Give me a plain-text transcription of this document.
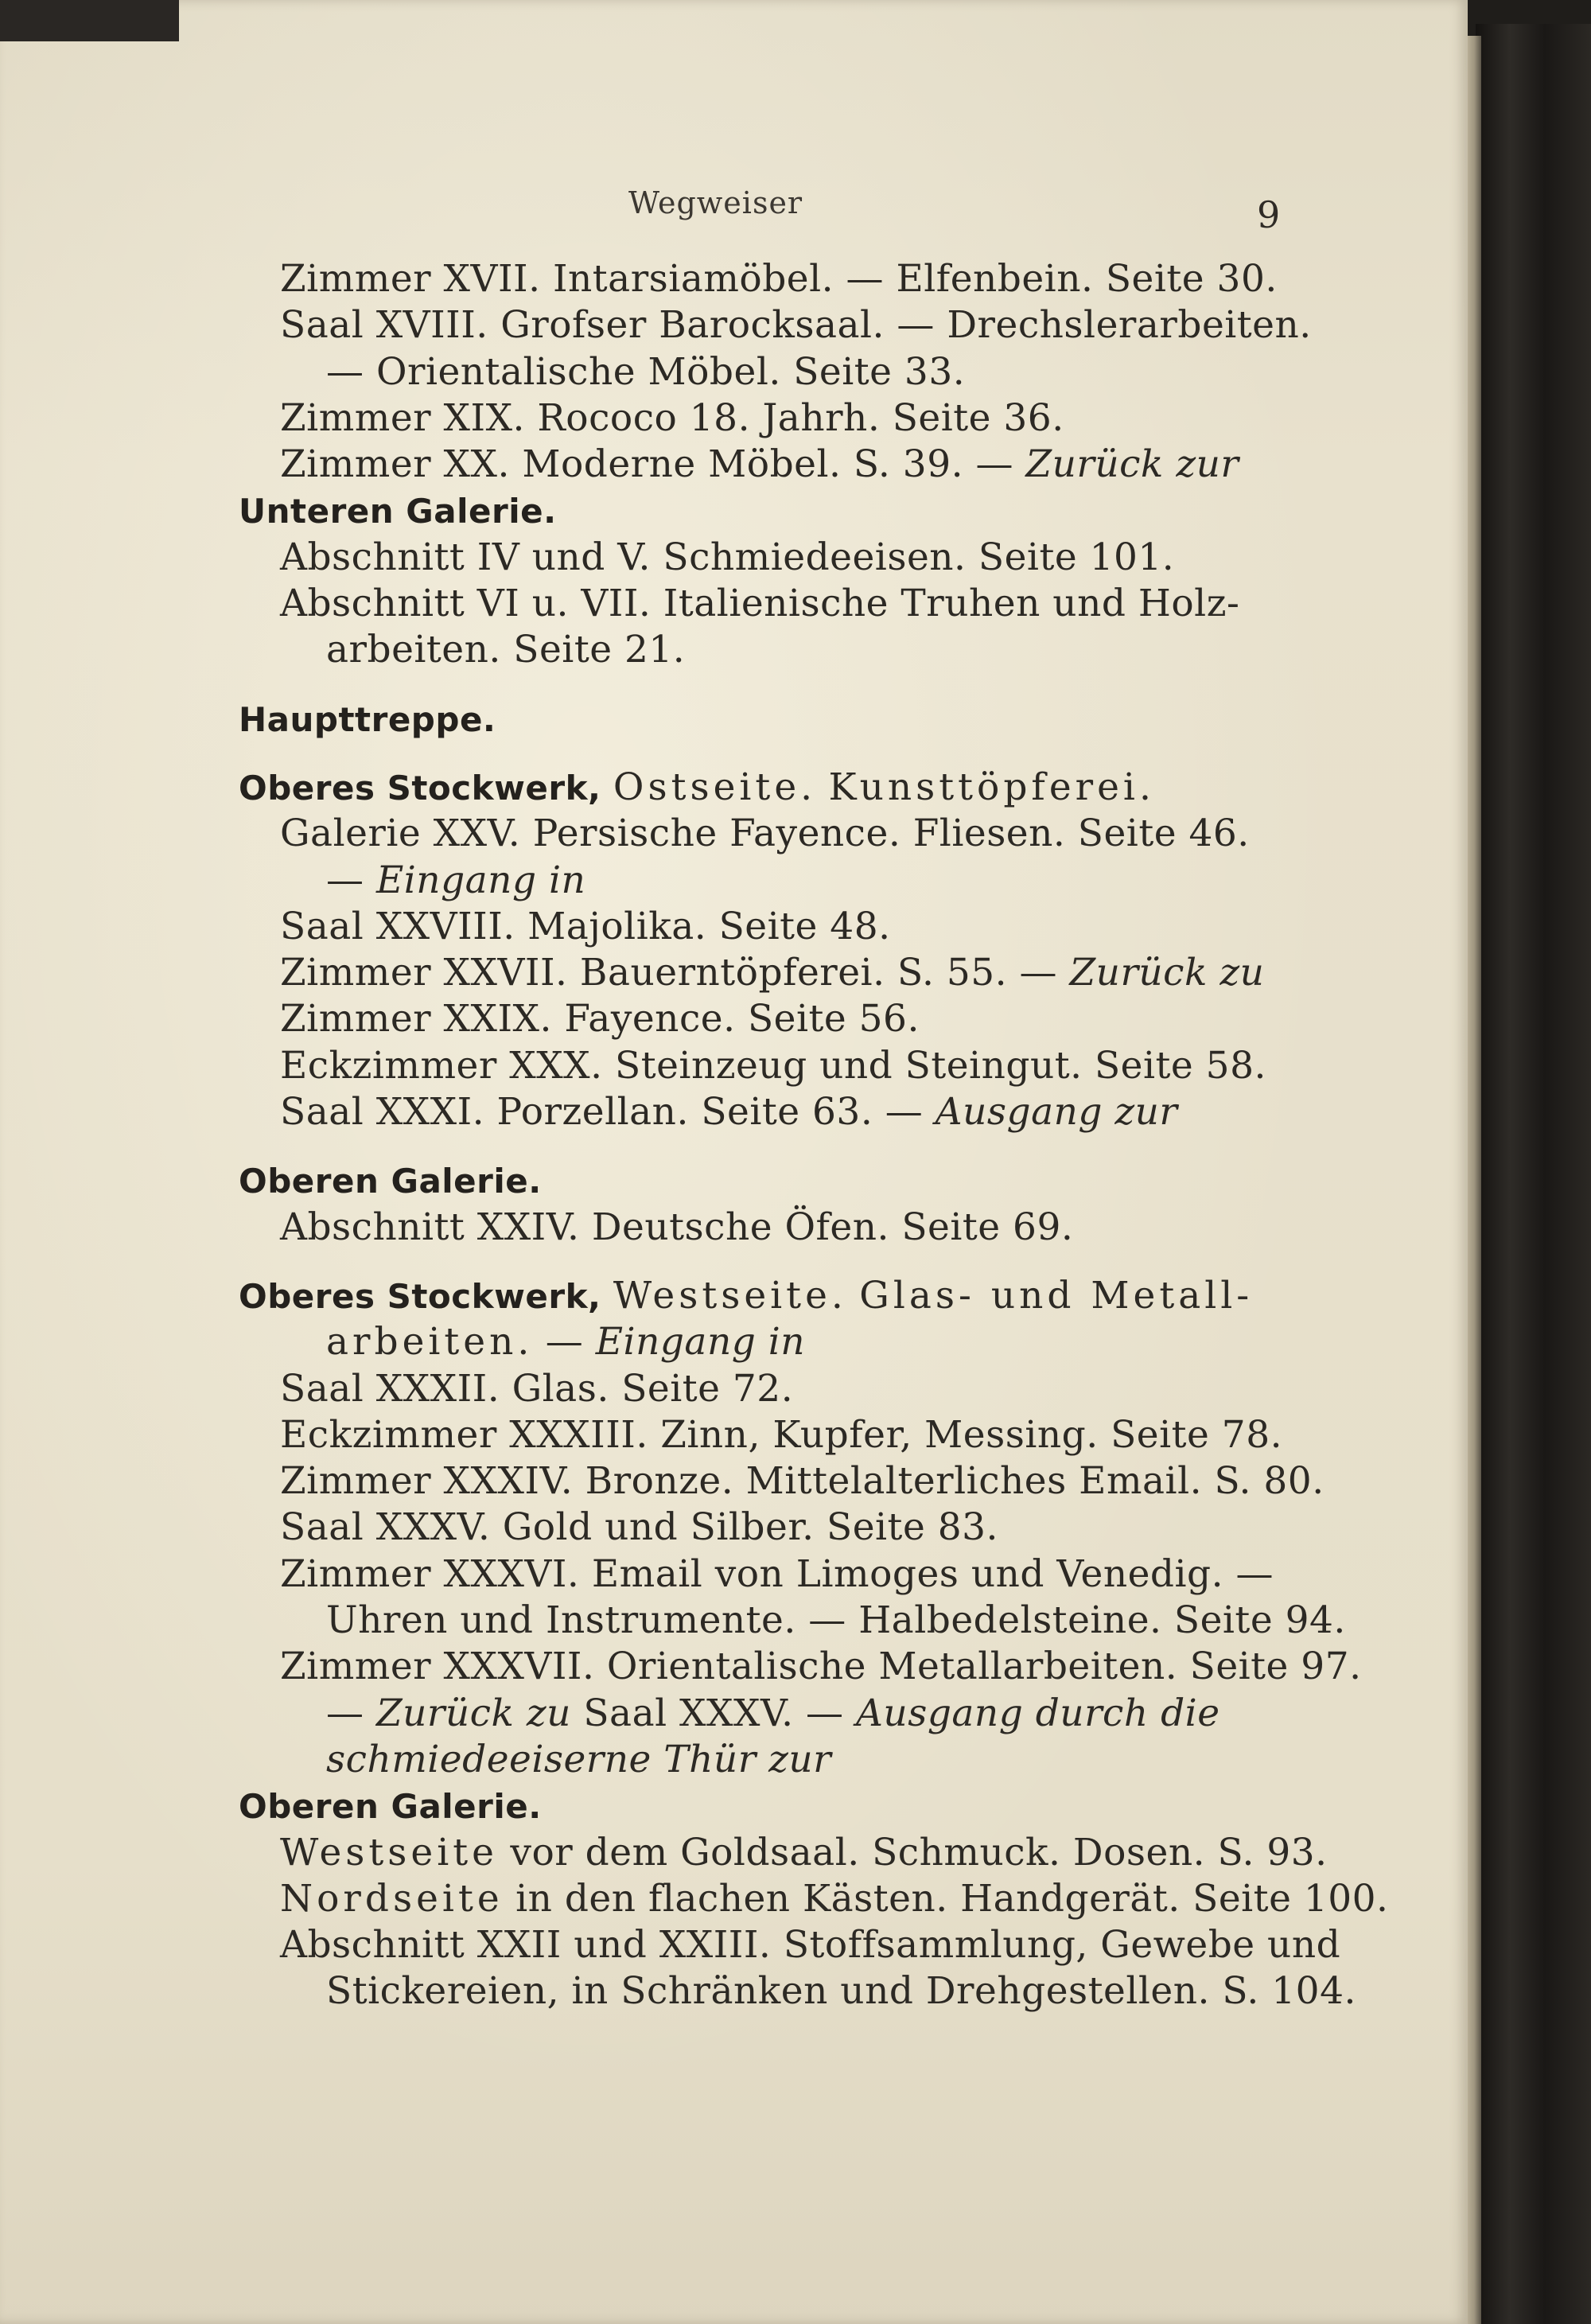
Wegweiser	9
Zimmer XVII. Intarsiamöbel. — Elfenbein. Seite 30.
Saal XVIII. Grofser Barocksaal. — Drechslerarbeiten.
— Orientalische Möbel. Seite 33.
Zimmer XIX. Rococo 18. Jahrh. Seite 36.
Zimmer XX. Moderne Möbel. S. 39. — Zurück zur
Unteren Galerie.
Abschnitt IV und V. Schmiedeeisen. Seite 101.
Abschnitt VI u. VII. Italienische Truhen und Holz-
arbeiten. Seite 21.
Haupttreppe.
Oberes Stockwerk, Ostseite. Kunsttöpferei.
Galerie XXV. Persische Fayence. Fliesen. Seite 46.
— Eingang in
Saal XXVIII. Majolika. Seite 48.
Zimmer XXVII. Bauerntöpferei. S. 55. — Zurück zu
Zimmer XXIX. Fayence. Seite 56.
Eckzimmer XXX. Steinzeug und Steingut. Seite 58.
Saal XXXI. Porzellan. Seite 63. — Ausgang zur
Oberen Galerie.
Abschnitt XXIV. Deutsche Öfen. Seite 69.
Oberes Stockwerk, Westseite. Glas- und Metall-
arbeiten. — Eingang in
Saal XXXII. Glas. Seite 72.
Eckzimmer XXXIII. Zinn, Kupfer, Messing. Seite 78.
Zimmer XXXIV. Bronze. Mittelalterliches Email. S. 80.
Saal XXXV. Gold und Silber. Seite 83.
Zimmer XXXVI. Email von Limoges und Venedig. —
Uhren und Instrumente. — Halbedelsteine. Seite 94.
Zimmer XXXVII. Orientalische Metallarbeiten. Seite 97.
— Zurück zu Saal XXXV. — Ausgang durch die
schmiedeeiserne Thür zur
Oberen Galerie.
Westseite vor dem Goldsaal. Schmuck. Dosen. S. 93.
Nordseite in den flachen Kästen. Handgerät. Seite 100.
Abschnitt XXII und XXIII. Stoffsammlung, Gewebe und
Stickereien, in Schränken und Drehgestellen. S. 104.
